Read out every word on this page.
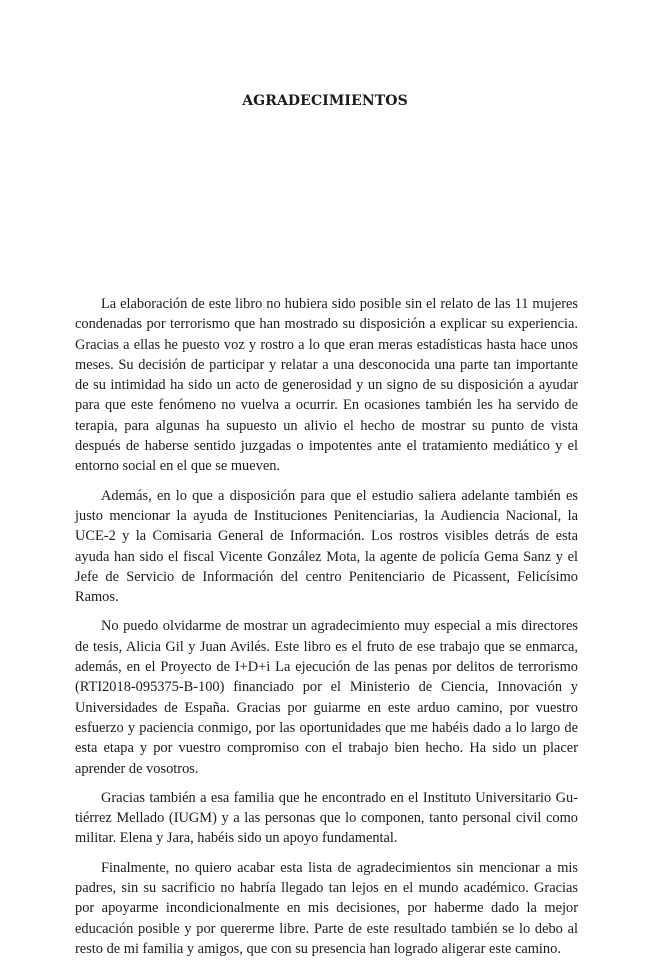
AGRADECIMIENTOS

La elaboración de este libro no hubiera sido posible sin el relato de las 11 mujeres condenadas por terrorismo que han mostrado su disposición a explicar su experiencia. Gracias a ellas he puesto voz y rostro a lo que eran meras estadísticas hasta hace unos meses. Su decisión de participar y relatar a una desconocida una parte tan importante de su intimidad ha sido un acto de generosidad y un signo de su disposición a ayudar para que este fenómeno no vuelva a ocurrir. En ocasiones también les ha servido de terapia, para algunas ha supuesto un alivio el hecho de mostrar su punto de vista después de haberse sentido juzgadas o impotentes ante el tratamiento mediático y el entorno social en el que se mueven.

Además, en lo que a disposición para que el estudio saliera adelante también es justo mencionar la ayuda de Instituciones Penitenciarias, la Audiencia Nacional, la UCE-2 y la Comisaria General de Información. Los rostros visibles detrás de esta ayuda han sido el fiscal Vicente González Mota, la agente de policía Gema Sanz y el Jefe de Servicio de Información del centro Penitenciario de Picassent, Felicísimo Ramos.

No puedo olvidarme de mostrar un agradecimiento muy especial a mis directores de tesis, Alicia Gil y Juan Avilés. Este libro es el fruto de ese trabajo que se enmarca, además, en el Proyecto de I+D+i La ejecución de las penas por delitos de terrorismo (RTI2018-095375-B-100) financiado por el Ministerio de Ciencia, Innovación y Universidades de España. Gracias por guiarme en este arduo camino, por vuestro esfuerzo y paciencia conmigo, por las oportunidades que me habéis dado a lo largo de esta etapa y por vuestro compromiso con el trabajo bien hecho. Ha sido un placer aprender de vosotros.

Gracias también a esa familia que he encontrado en el Instituto Universitario Gutiérrez Mellado (IUGM) y a las personas que lo componen, tanto personal civil como militar. Elena y Jara, habéis sido un apoyo fundamental.

Finalmente, no quiero acabar esta lista de agradecimientos sin mencionar a mis padres, sin su sacrificio no habría llegado tan lejos en el mundo académico. Gracias por apoyarme incondicionalmente en mis decisiones, por haberme dado la mejor educación posible y por quererme libre. Parte de este resultado también se lo debo al resto de mi familia y amigos, que con su presencia han logrado aligerar este camino.
